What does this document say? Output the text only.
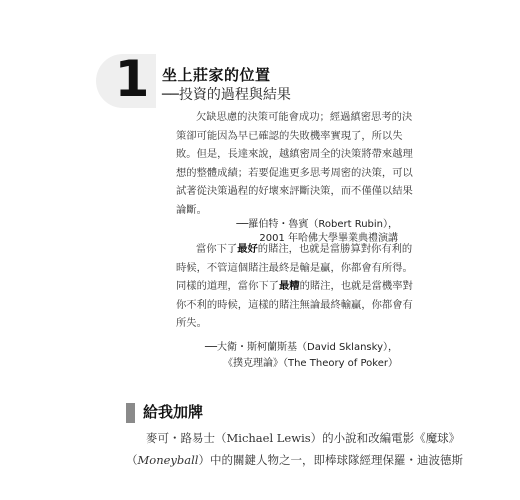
1 坐上莊家的位置
──投資的過程與結果
欠缺思慮的決策可能會成功；經過縝密思考的決
策卻可能因為早已確認的失敗機率實現了，所以失
敗。但是，長達來說，越縝密周全的決策將帶來越理
想的整體成績；若要促進更多思考周密的決策，可以
試著從決策過程的好壞來評斷決策，而不僅僅以結果
論斷。
──羅伯特・魯賓（Robert Rubin），
2001 年哈佛大學畢業典禮演講
當你下了最好的賭注，也就是當勝算對你有利的
時候，不管這個賭注最終是輸是贏，你都會有所得。
同樣的道理，當你下了最糟的賭注，也就是當機率對
你不利的時候，這樣的賭注無論最終輸贏，你都會有
所失。
──大衛・斯柯蘭斯基（David Sklansky），
《撲克理論》（The Theory of Poker）
給我加牌
麥可・路易士（Michael Lewis）的小說和改編電影《魔球》
（Moneyball）中的關鍵人物之一，即棒球隊經理保羅・迪波德斯
